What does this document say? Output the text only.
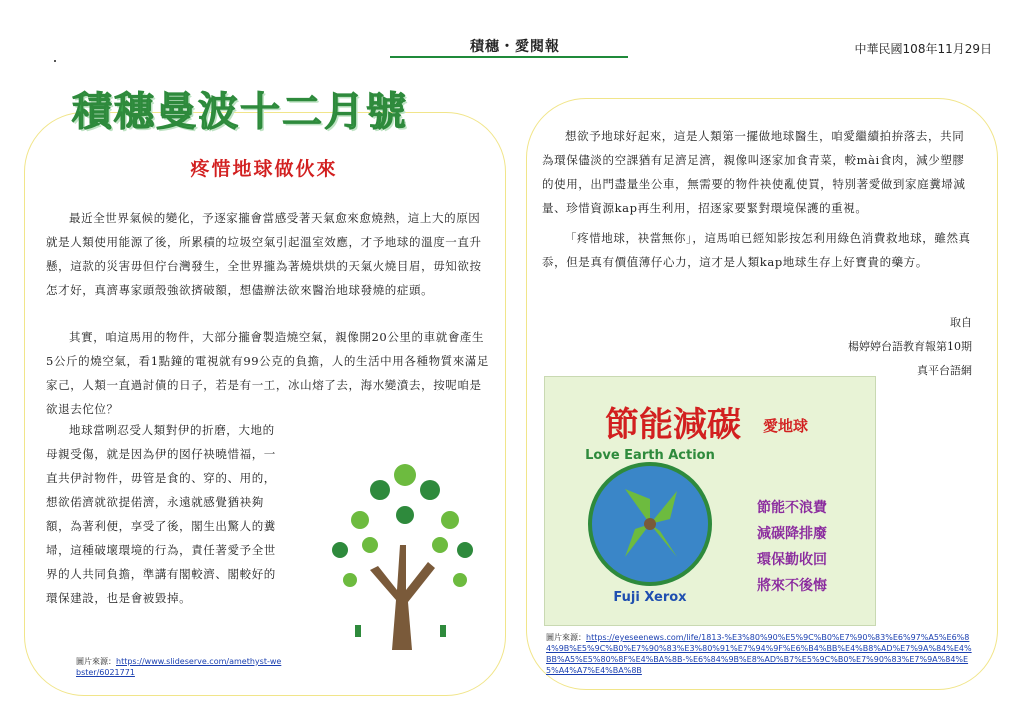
積穗・愛閱報	中華民國108年11月29日
積穗曼波十二月號
疼惜地球做伙來
最近全世界氣候的變化，予逐家攏會當感受著天氣愈來愈燒熱，這上大的原因就是人類使用能源了後，所累積的垃圾空氣引起溫室效應，才予地球的溫度一直升懸，這款的災害毋但佇台灣發生，全世界攏為著燒烘烘的天氣火燒目眉，毋知欲按怎才好，真濟專家頭殼強欲擠破額，想儘辦法欲來醫治地球發燒的症頭。
其實，咱這馬用的物件，大部分攏會製造燒空氣，親像開20公里的車就會產生5公斤的燒空氣，看1點鐘的電視就有99公克的負擔，人的生活中用各種物質來滿足家己，人類一直過討債的日子，若是有一工，冰山熔了去，海水變濆去，按呢咱是欲退去佗位？
地球當咧忍受人類對伊的折磨，大地的母親受傷，就是因為伊的囡仔袂曉惜福，一直共伊討物件，毋管是食的、穿的、用的，想欲偌濟就欲提偌濟，永遠就感覺猶袂夠額，為著利便，享受了後，閣生出驚人的糞埽，這種破壞環境的行為，責任著愛予全世界的人共同負擔，準講有閣較濟、閣較好的環保建設，也是會被毀掉。
圖片來源：https://www.slideserve.com/amethyst-webster/6021771
想欲予地球好起來，這是人類第一擺做地球醫生，咱愛繼續拍拚落去，共同為環保儘淡的空課猶有足濟足濟，親像叫逐家加食青菜，較mài食肉，減少塑膠的使用，出門盡量坐公車，無需要的物件袂使亂使買，特別著愛做到家庭糞埽減量、珍惜資源kap再生利用，招逐家要緊對環境保護的重視。
「疼惜地球，袂當無你」，這馬咱已經知影按怎利用綠色消費救地球，雖然真忝，但是真有價值薄仔心力，這才是人類kap地球生存上好寶貴的藥方。
取自
楊婷婷台語教育報第10期
真平台語網
節能減碳 愛地球
Love Earth Action
Fuji Xerox
節能不浪費
減碳降排廢
環保勤收回
將來不後悔
圖片來源：https://eyeseenews.com/life/1813-%E3%80%90%E5%9C%B0%E7%90%83%E6%97%A5%E6%84%9B%E5%9C%B0%E7%90%83%E3%80%91%E7%94%9F%E6%B4%BB%E4%B8%AD%E7%9A%84%E4%BB%A5%E5%80%8F%E4%BA%8B-%E6%84%9B%E8%AD%B7%E5%9C%B0%E7%90%83%E7%9A%84%E5%A4%A7%E4%BA%8B
